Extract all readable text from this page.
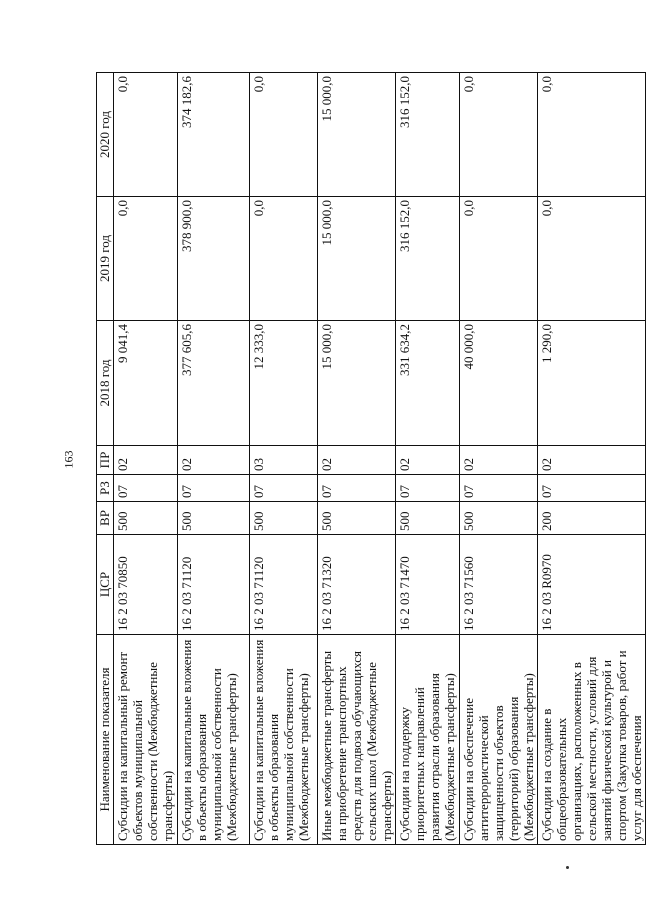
163
Наименование показателя	ЦСР	ВР	РЗ	ПР	2018 год	2019 год	2020 год
Субсидии на капитальный ремонт объектов муниципальной собственности (Межбюджетные трансферты)	16 2 03 70850	500	07	02	9 041,4	0,0	0,0
Субсидии на капитальные вложения в объекты образования муниципальной собственности (Межбюджетные трансферты)	16 2 03 71120	500	07	02	377 605,6	378 900,0	374 182,6
Субсидии на капитальные вложения в объекты образования муниципальной собственности (Межбюджетные трансферты)	16 2 03 71120	500	07	03	12 333,0	0,0	0,0
Иные межбюджетные трансферты на приобретение транспортных средств для подвоза обучающихся сельских школ (Межбюджетные трансферты)	16 2 03 71320	500	07	02	15 000,0	15 000,0	15 000,0
Субсидии на поддержку приоритетных направлений развития отрасли образования (Межбюджетные трансферты)	16 2 03 71470	500	07	02	331 634,2	316 152,0	316 152,0
Субсидии на обеспечение антитеррористической защищенности объектов (территорий) образования (Межбюджетные трансферты)	16 2 03 71560	500	07	02	40 000,0	0,0	0,0
Субсидии на создание в общеобразовательных организациях, расположенных в сельской местности, условий для занятий физической культурой и спортом (Закупка товаров, работ и услуг для обеспечения	16 2 03 R0970	200	07	02	1 290,0	0,0	0,0
